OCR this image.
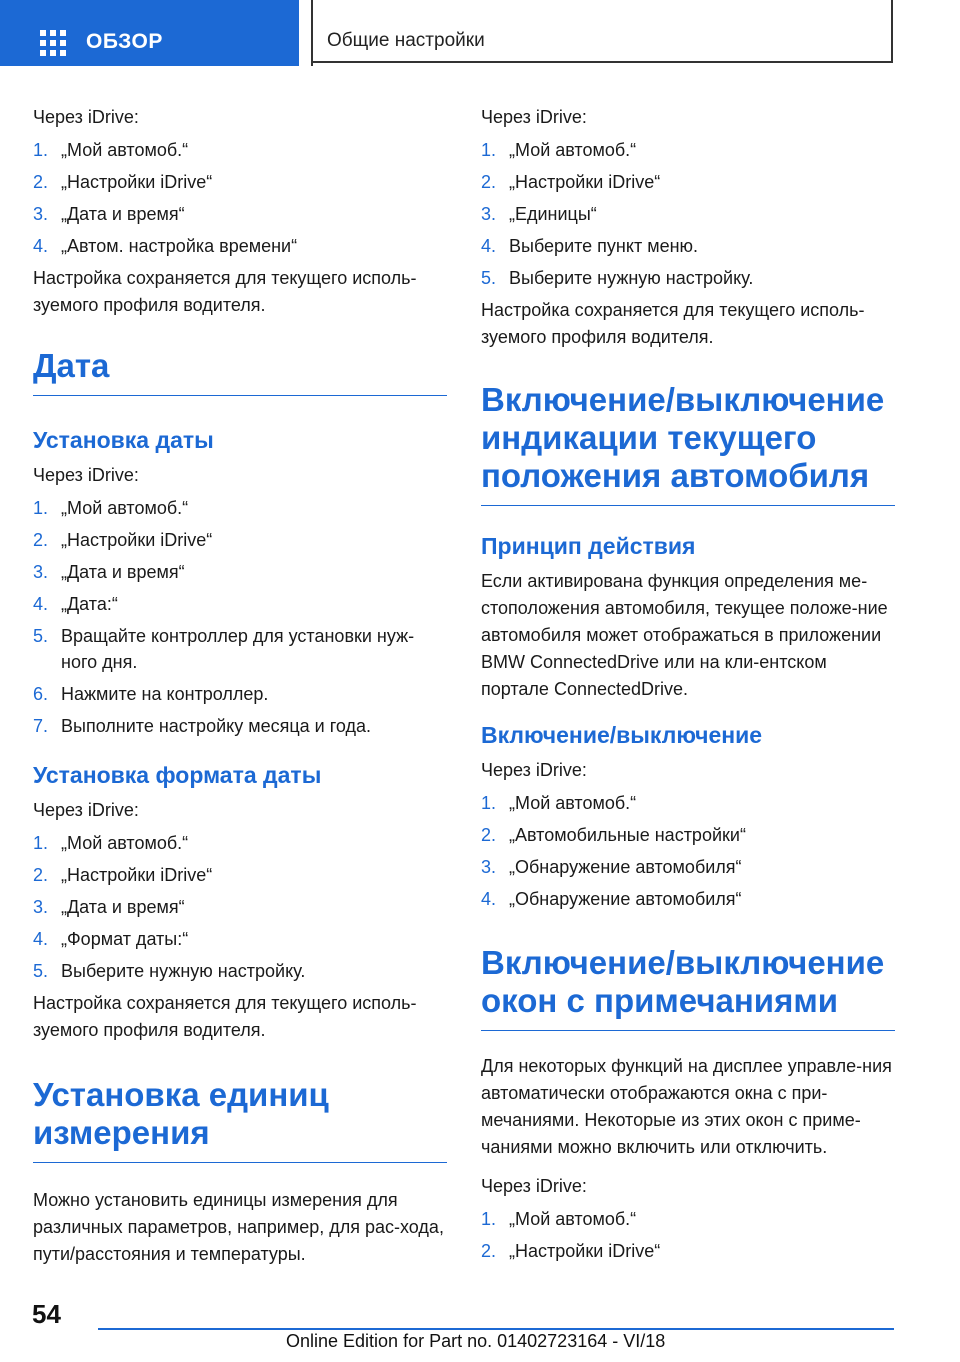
ОБЗОР	Общие настройки

Через iDrive:

1. „Мой автомоб.“
2. „Настройки iDrive“
3. „Дата и время“
4. „Автом. настройка времени“

Настройка сохраняется для текущего исполь-зуемого профиля водителя.

Дата
Установка даты

Через iDrive:

1. „Мой автомоб.“
2. „Настройки iDrive“
3. „Дата и время“
4. „Дата:“
5. Вращайте контроллер для установки нуж-ного дня.
6. Нажмите на контроллер.
7. Выполните настройку месяца и года.
Установка формата даты

Через iDrive:

1. „Мой автомоб.“
2. „Настройки iDrive“
3. „Дата и время“
4. „Формат даты:“
5. Выберите нужную настройку.

Настройка сохраняется для текущего исполь-зуемого профиля водителя.

Установка единиц измерения

Можно установить единицы измерения для различных параметров, например, для рас-хода, пути/расстояния и температуры.

Через iDrive:

1. „Мой автомоб.“
2. „Настройки iDrive“
3. „Единицы“
4. Выберите пункт меню.
5. Выберите нужную настройку.

Настройка сохраняется для текущего исполь-зуемого профиля водителя.

Включение/выключение индикации текущего положения автомобиля
Принцип действия

Если активирована функция определения ме-стоположения автомобиля, текущее положе-ние автомобиля может отображаться в приложении BMW ConnectedDrive или на кли-ентском портале ConnectedDrive.

Включение/выключение

Через iDrive:

1. „Мой автомоб.“
2. „Автомобильные настройки“
3. „Обнаружение автомобиля“
4. „Обнаружение автомобиля“
Включение/выключение окон с примечаниями

Для некоторых функций на дисплее управле-ния автоматически отображаются окна с при-мечаниями. Некоторые из этих окон с приме-чаниями можно включить или отключить.

Через iDrive:

1. „Мой автомоб.“
2. „Настройки iDrive“
54
Online Edition for Part no. 01402723164 - VI/18
